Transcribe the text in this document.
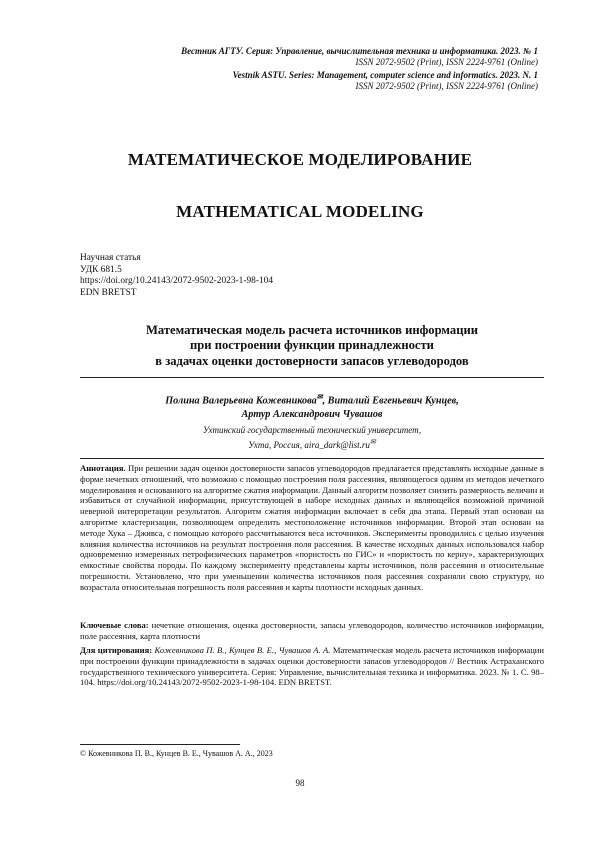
Вестник АГТУ. Серия: Управление, вычислительная техника и информатика. 2023. № 1
ISSN 2072-9502 (Print), ISSN 2224-9761 (Online)
Vestnik ASTU. Series: Management, computer science and informatics. 2023. N. 1
ISSN 2072-9502 (Print), ISSN 2224-9761 (Online)
МАТЕМАТИЧЕСКОЕ МОДЕЛИРОВАНИЕ
MATHEMATICAL MODELING
Научная статья
УДК 681.5
https://doi.org/10.24143/2072-9502-2023-1-98-104
EDN BRETST
Математическая модель расчета источников информации
при построении функции принадлежности
в задачах оценки достоверности запасов углеводородов
Полина Валерьевна Кожевникова✉, Виталий Евгеньевич Кунцев,
Артур Александрович Чувашов
Ухтинский государственный технический университет,
Ухта, Россия, aira_dark@list.ru✉
Аннотация. При решении задач оценки достоверности запасов углеводородов предлагается представлять исходные данные в форме нечетких отношений, что возможно с помощью построения поля рассеяния, являющегося одним из методов нечеткого моделирования и основанного на алгоритме сжатия информации. Данный алгоритм позволяет снизить размерность величин и избавиться от случайной информации, присутствующей в наборе исходных данных и являющейся возможной причиной неверной интерпретации результатов. Алгоритм сжатия информации включает в себя два этапа. Первый этап основан на алгоритме кластеризации, позволяющем определить местоположение источников информации. Второй этап основан на методе Хука – Дживса, с помощью которого рассчитываются веса источников. Эксперименты проводились с целью изучения влияния количества источников на результат построения поля рассеяния. В качестве исходных данных использовался набор одновременно измеренных петрофизических параметров «пористость по ГИС» и «пористость по керну», характеризующих емкостные свойства породы. По каждому эксперименту представлены карты источников, поля рассеяния и относительные погрешности. Установлено, что при уменьшении количества источников поля рассеяния сохраняли свою структуру, но возрастала относительная погрешность поля рассеяния и карты плотности исходных данных.
Ключевые слова: нечеткие отношения, оценка достоверности, запасы углеводородов, количество источников информации, поле рассеяния, карта плотности
Для цитирования: Кожевникова П. В., Кунцев В. Е., Чувашов А. А. Математическая модель расчета источников информации при построении функции принадлежности в задачах оценки достоверности запасов углеводородов // Вестник Астраханского государственного технического университета. Серия: Управление, вычислительная техника и информатика. 2023. № 1. С. 98–104. https://doi.org/10.24143/2072-9502-2023-1-98-104. EDN BRETST.
© Кожевникова П. В., Кунцев В. Е., Чувашов А. А., 2023
98
